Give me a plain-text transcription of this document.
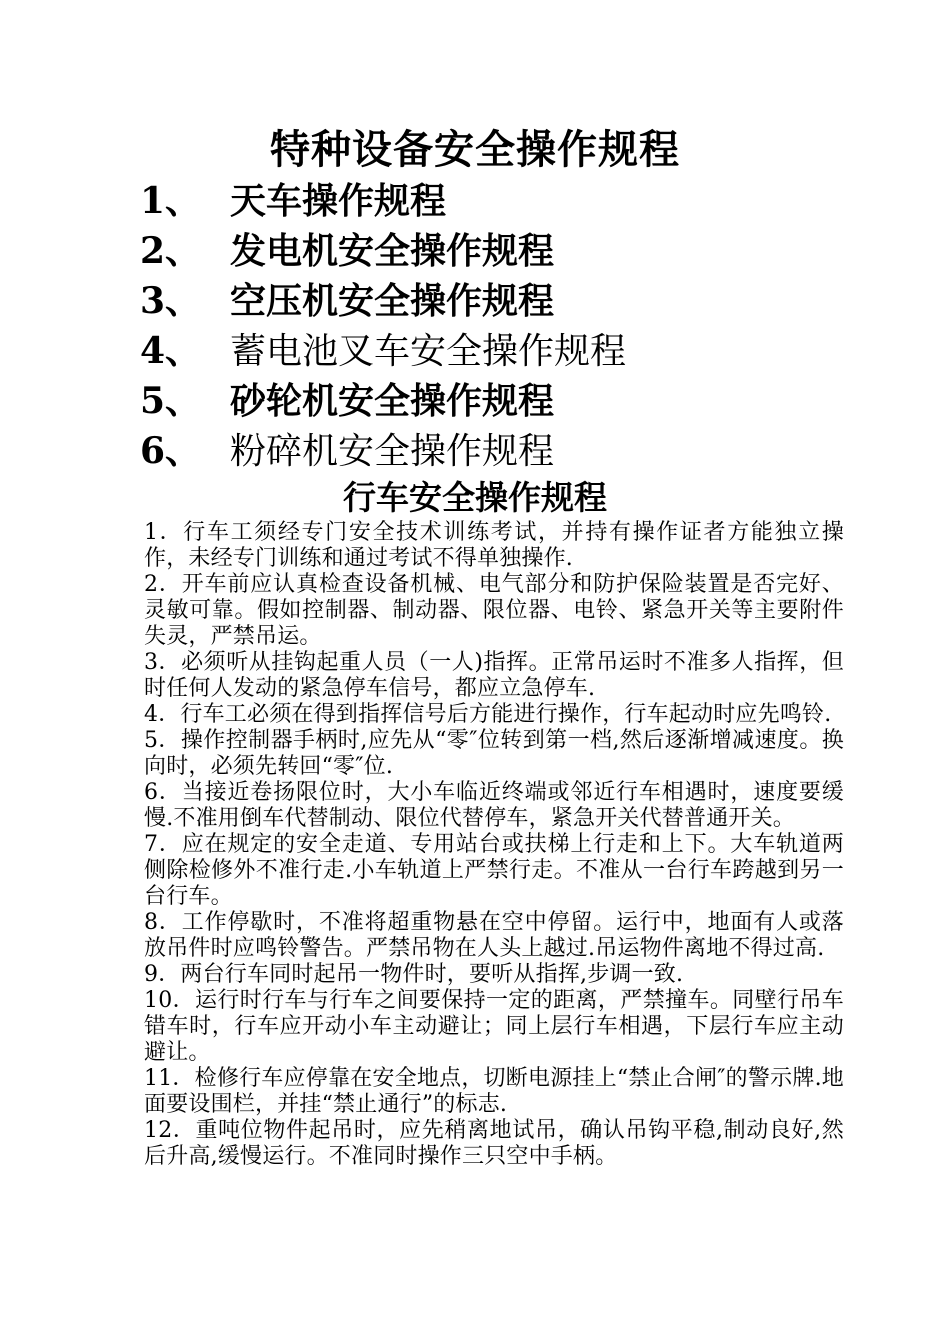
特种设备安全操作规程
1、 天车操作规程
2、 发电机安全操作规程
3、 空压机安全操作规程
4、 蓄电池叉车安全操作规程
5、 砂轮机安全操作规程
6、 粉碎机安全操作规程
行车安全操作规程
1．行车工须经专门安全技术训练考试，并持有操作证者方能独立操作，未经专门训练和通过考试不得单独操作.
2．开车前应认真检查设备机械、电气部分和防护保险装置是否完好、灵敏可靠。假如控制器、制动器、限位器、电铃、紧急开关等主要附件失灵，严禁吊运。
3．必须听从挂钩起重人员（一人)指挥。正常吊运时不准多人指挥，但时任何人发动的紧急停车信号，都应立急停车.
4．行车工必须在得到指挥信号后方能进行操作，行车起动时应先鸣铃.
5．操作控制器手柄时,应先从“零″位转到第一档,然后逐渐增减速度。换向时，必须先转回“零″位.
6．当接近卷扬限位时，大小车临近终端或邻近行车相遇时，速度要缓慢.不准用倒车代替制动、限位代替停车，紧急开关代替普通开关。
7．应在规定的安全走道、专用站台或扶梯上行走和上下。大车轨道两侧除检修外不准行走.小车轨道上严禁行走。不准从一台行车跨越到另一台行车。
8．工作停歇时，不准将超重物悬在空中停留。运行中，地面有人或落放吊件时应鸣铃警告。严禁吊物在人头上越过.吊运物件离地不得过高.
9．两台行车同时起吊一物件时，要听从指挥,步调一致.
10．运行时行车与行车之间要保持一定的距离，严禁撞车。同壁行吊车错车时，行车应开动小车主动避让；同上层行车相遇，下层行车应主动避让。
11．检修行车应停靠在安全地点，切断电源挂上“禁止合闸″的警示牌.地面要设围栏，并挂“禁止通行”的标志.
12．重吨位物件起吊时，应先稍离地试吊，确认吊钩平稳,制动良好,然后升高,缓慢运行。不准同时操作三只空中手柄。
